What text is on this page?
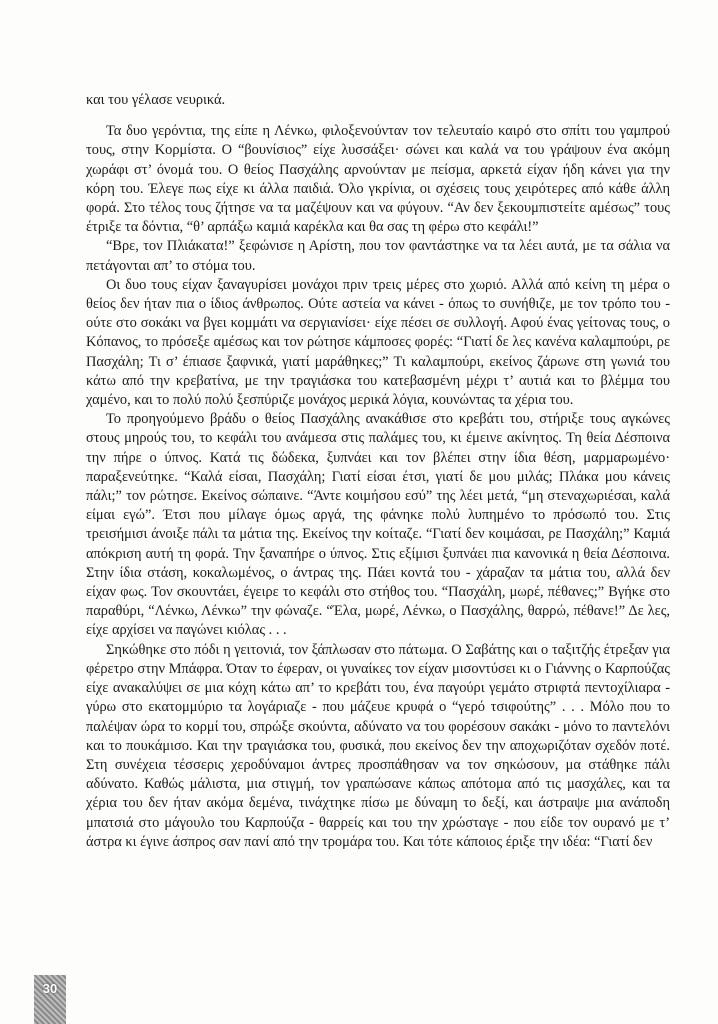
και του γέλασε νευρικά.

Τα δυο γερόντια, της είπε η Λένκω, φιλοξενούνταν τον τελευταίο καιρό στο σπίτι του γαμπρού τους, στην Κορμίστα. Ο “βουνίσιος” είχε λυσσάξει· σώνει και καλά να του γράψουν ένα ακόμη χωράφι στ’ όνομά του. Ο θείος Πασχάλης αρνούνταν με πείσμα, αρκετά είχαν ήδη κάνει για την κόρη του. Έλεγε πως είχε κι άλλα παιδιά. Όλο γκρίνια, οι σχέσεις τους χειρότερες από κάθε άλλη φορά. Στο τέλος τους ζήτησε να τα μαζέψουν και να φύγουν. “Αν δεν ξεκουμπιστείτε αμέσως” τους έτριξε τα δόντια, “θ’ αρπάξω καμιά καρέκλα και θα σας τη φέρω στο κεφάλι!”

“Βρε, τον Πλιάκατα!” ξεφώνισε η Αρίστη, που τον φαντάστηκε να τα λέει αυτά, με τα σάλια να πετάγονται απ’ το στόμα του.

Οι δυο τους είχαν ξαναγυρίσει μονάχοι πριν τρεις μέρες στο χωριό. Αλλά από κείνη τη μέρα ο θείος δεν ήταν πια ο ίδιος άνθρωπος. Ούτε αστεία να κάνει - όπως το συνήθιζε, με τον τρόπο του - ούτε στο σοκάκι να βγει κομμάτι να σεργιανίσει· είχε πέσει σε συλλογή. Αφού ένας γείτονας τους, ο Κόπανος, το πρόσεξε αμέσως και τον ρώτησε κάμποσες φορές: “Γιατί δε λες κανένα καλαμπούρι, ρε Πασχάλη; Τι σ’ έπιασε ξαφνικά, γιατί μαράθηκες;” Τι καλαμπούρι, εκείνος ζάρωνε στη γωνιά του κάτω από την κρεβατίνα, με την τραγιάσκα του κατεβασμένη μέχρι τ’ αυτιά και το βλέμμα του χαμένο, και το πολύ πολύ ξεσπύριζε μονάχος μερικά λόγια, κουνώντας τα χέρια του.

Το προηγούμενο βράδυ ο θείος Πασχάλης ανακάθισε στο κρεβάτι του, στήριξε τους αγκώνες στους μηρούς του, το κεφάλι του ανάμεσα στις παλάμες του, κι έμεινε ακίνητος. Τη θεία Δέσποινα την πήρε ο ύπνος. Κατά τις δώδεκα, ξυπνάει και τον βλέπει στην ίδια θέση, μαρμαρωμένο· παραξενεύτηκε. “Καλά είσαι, Πασχάλη; Γιατί είσαι έτσι, γιατί δε μου μιλάς; Πλάκα μου κάνεις πάλι;” τον ρώτησε. Εκείνος σώπαινε. “Άντε κοιμήσου εσύ” της λέει μετά, “μη στεναχωριέσαι, καλά είμαι εγώ”. Έτσι που μίλαγε όμως αργά, της φάνηκε πολύ λυπημένο το πρόσωπό του. Στις τρεισήμισι άνοιξε πάλι τα μάτια της. Εκείνος την κοίταζε. “Γιατί δεν κοιμάσαι, ρε Πασχάλη;” Καμιά απόκριση αυτή τη φορά. Την ξαναπήρε ο ύπνος. Στις εξίμισι ξυπνάει πια κανονικά η θεία Δέσποινα. Στην ίδια στάση, κοκαλωμένος, ο άντρας της. Πάει κοντά του - χάραζαν τα μάτια του, αλλά δεν είχαν φως. Τον σκουντάει, έγειρε το κεφάλι στο στήθος του. “Πασχάλη, μωρέ, πέθανες;” Βγήκε στο παραθύρι, “Λένκω, Λένκω” την φώναζε. “Έλα, μωρέ, Λένκω, ο Πασχάλης, θαρρώ, πέθανε!” Δε λες, είχε αρχίσει να παγώνει κιόλας . . .

Σηκώθηκε στο πόδι η γειτονιά, τον ξάπλωσαν στο πάτωμα. Ο Σαβάτης και ο ταξιτζής έτρεξαν για φέρετρο στην Μπάφρα. Όταν το έφεραν, οι γυναίκες τον είχαν μισοντύσει κι ο Γιάννης ο Καρπούζας είχε ανακαλύψει σε μια κόχη κάτω απ’ το κρεβάτι του, ένα παγούρι γεμάτο στριφτά πεντοχίλιαρα - γύρω στο εκατομμύριο τα λογάριαζε - που μάζευε κρυφά ο “γερό τσιφούτης” . . . Μόλο που το παλέψαν ώρα το κορμί του, σπρώξε σκούντα, αδύνατο να του φορέσουν σακάκι - μόνο το παντελόνι και το πουκάμισο. Και την τραγιάσκα του, φυσικά, που εκείνος δεν την αποχωριζόταν σχεδόν ποτέ. Στη συνέχεια τέσσερις χεροδύναμοι άντρες προσπάθησαν να τον σηκώσουν, μα στάθηκε πάλι αδύνατο. Καθώς μάλιστα, μια στιγμή, τον γραπώσανε κάπως απότομα από τις μασχάλες, και τα χέρια του δεν ήταν ακόμα δεμένα, τινάχτηκε πίσω με δύναμη το δεξί, και άστραψε μια ανάποδη μπατσιά στο μάγουλο του Καρπούζα - θαρρείς και του την χρώσταγε - που είδε τον ουρανό με τ’ άστρα κι έγινε άσπρος σαν πανί από την τρομάρα του. Και τότε κάποιος έριξε την ιδέα: “Γιατί δεν

30
